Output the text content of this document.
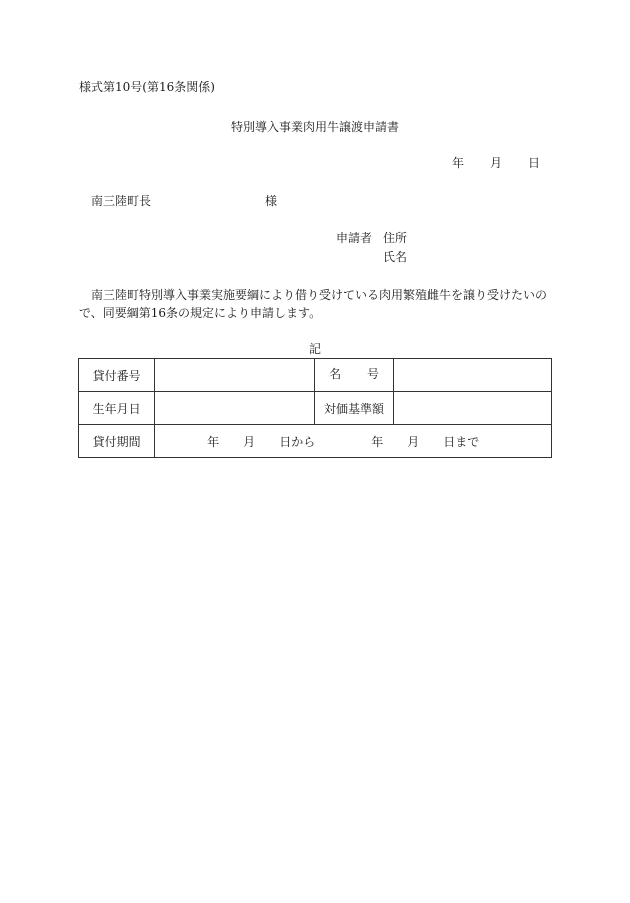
様式第10号(第16条関係)
特別導入事業肉用牛譲渡申請書
年 月 日
南三陸町長	様
申請者 住所
氏名
南三陸町特別導入事業実施要綱により借り受けている肉用繁殖雌牛を譲り受けたいので、同要綱第16条の規定により申請します。
記
貸付番号		名 号	

生年月日		対価基準額	
貸付期間	年 月 日から 年 月 日まで		
